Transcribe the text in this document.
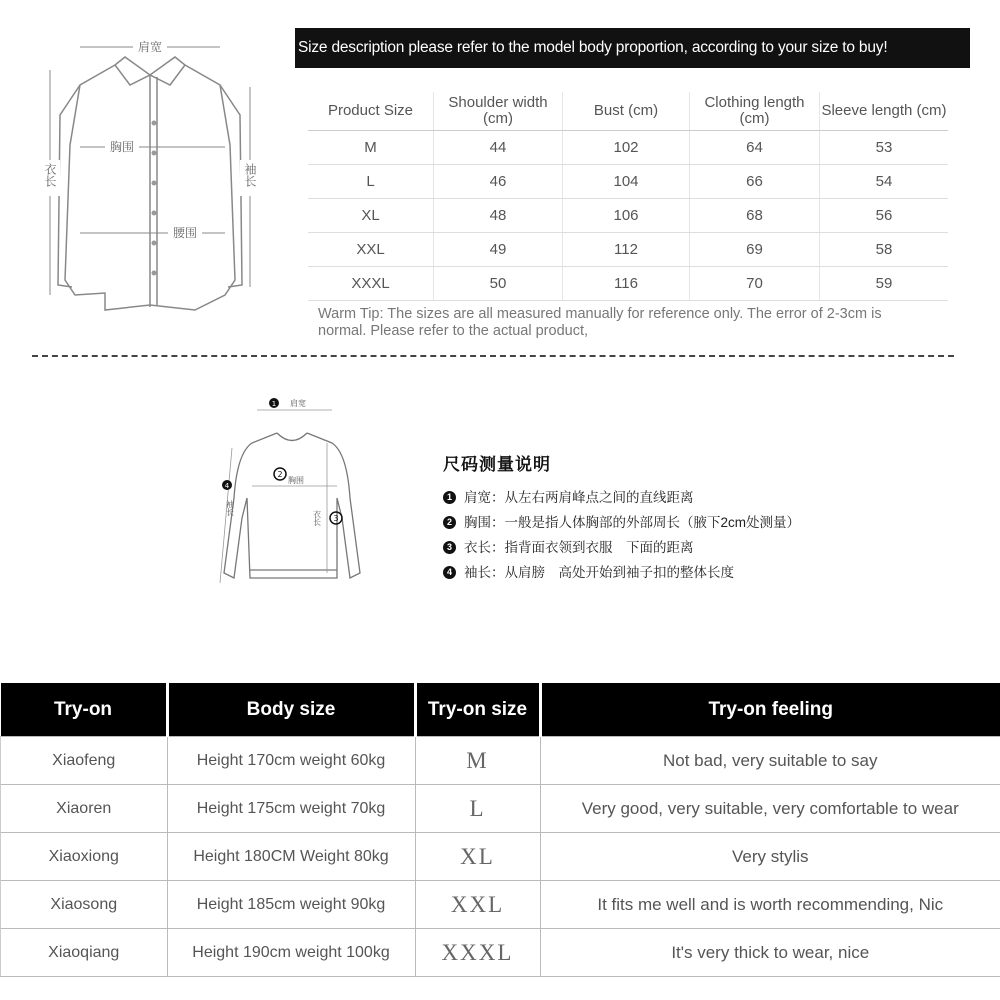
肩宽
胸围
腰围
衣长	袖长
Size description please refer to the model body proportion, according to your size to buy!
Product Size	Shoulder width (cm)	Bust (cm)	Clothing length (cm)	Sleeve length (cm)
M	44	102	64	53
L	46	104	66	54
XL	48	106	68	56
XXL	49	112	69	58
XXXL	50	116	70	59
Warm Tip: The sizes are all measured manually for reference only. The error of 2-3cm is normal. Please refer to the actual product,
1 肩宽
2
胸围
3
衣长
4
袖长
尺码测量说明
1 肩宽：从左右两肩峰点之间的直线距离
2 胸围：一般是指人体胸部的外部周长（腋下2cm处测量）
3 衣长：指背面衣领到衣服　下面的距离
4 袖长：从肩膀　高处开始到袖子扣的整体长度
Try-on	Body size	Try-on size	Try-on feeling
Xiaofeng	Height 170cm weight 60kg	M	Not bad, very suitable to say
Xiaoren	Height 175cm weight 70kg	L	Very good, very suitable, very comfortable to wear
Xiaoxiong	Height 180CM Weight 80kg	XL	Very stylis
Xiaosong	Height 185cm weight 90kg	XXL	It fits me well and is worth recommending, Nic
Xiaoqiang	Height 190cm weight 100kg	XXXL	It's very thick to wear, nice
